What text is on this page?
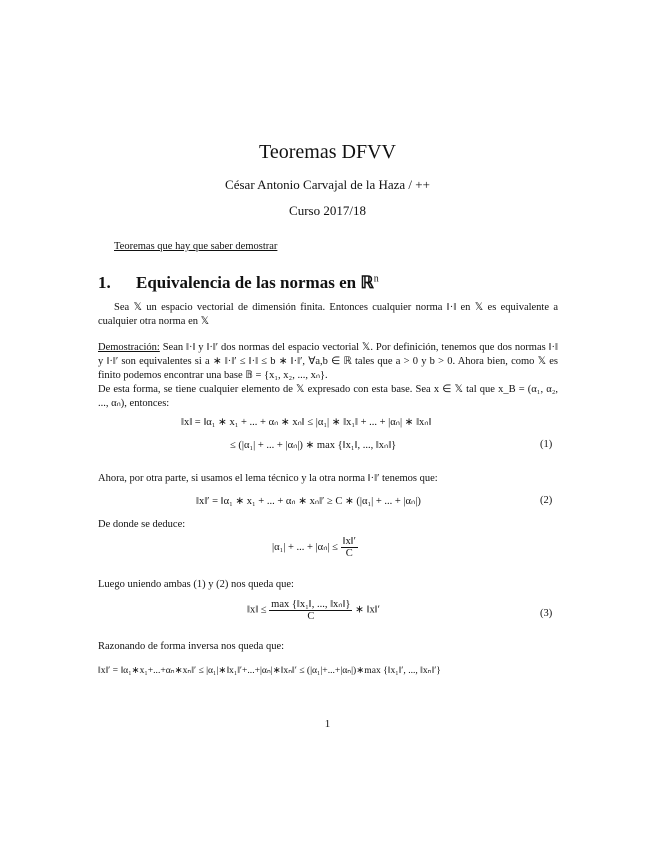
Teoremas DFVV
César Antonio Carvajal de la Haza / ++
Curso 2017/18
Teoremas que hay que saber demostrar
1. Equivalencia de las normas en ℝ$^n$
Sea 𝕏 un espacio vectorial de dimensión finita. Entonces cualquier norma ‖·‖ en 𝕏 es equivalente a cualquier otra norma en 𝕏
Demostración: Sean ‖·‖ y ‖·‖′ dos normas del espacio vectorial 𝕏. Por definición, tenemos que dos normas ‖·‖ y ‖·‖′ son equivalentes si a ∗ ‖·‖′ ≤ ‖·‖ ≤ b ∗ ‖·‖′, ∀a,b ∈ ℝ tales que a > 0 y b > 0. Ahora bien, como 𝕏 es finito podemos encontrar una base 𝔹 = {x₁, x₂, ..., xₙ}.
De esta forma, se tiene cualquier elemento de 𝕏 expresado con esta base. Sea x ∈ 𝕏 tal que x_B = (α₁, α₂, ..., αₙ), entonces:
‖x‖ = ‖α₁ ∗ x₁ + ... + αₙ ∗ xₙ‖ ≤ |α₁| ∗ ‖x₁‖ + ... + |αₙ| ∗ ‖xₙ‖
≤ (|α₁| + ... + |αₙ|) ∗ max {‖x₁‖, ..., ‖xₙ‖}	(1)
Ahora, por otra parte, si usamos el lema técnico y la otra norma ‖·‖′ tenemos que:
‖x‖′ = ‖α₁ ∗ x₁ + ... + αₙ ∗ xₙ‖′ ≥ C ∗ (|α₁| + ... + |αₙ|)	(2)
De donde se deduce:
|α₁| + ... + $|\alpha_n| \le \frac{‖x‖'}{C}$
Luego uniendo ambas (1) y (2) nos queda que:
‖x‖ ≤ $\frac{\text{max \{‖x₁‖, ..., ‖xₙ‖\}}}{C}$ ∗ ‖x‖′	(3)
Razonando de forma inversa nos queda que:
‖x‖′ = ‖α₁∗x₁+...+αₙ∗xₙ‖′ ≤ |α₁|∗‖x₁‖′+...+|αₙ|∗‖xₙ‖′ ≤ (|α₁|+...+|αₙ|)∗max {‖x₁‖′, ..., ‖xₙ‖′}
1
